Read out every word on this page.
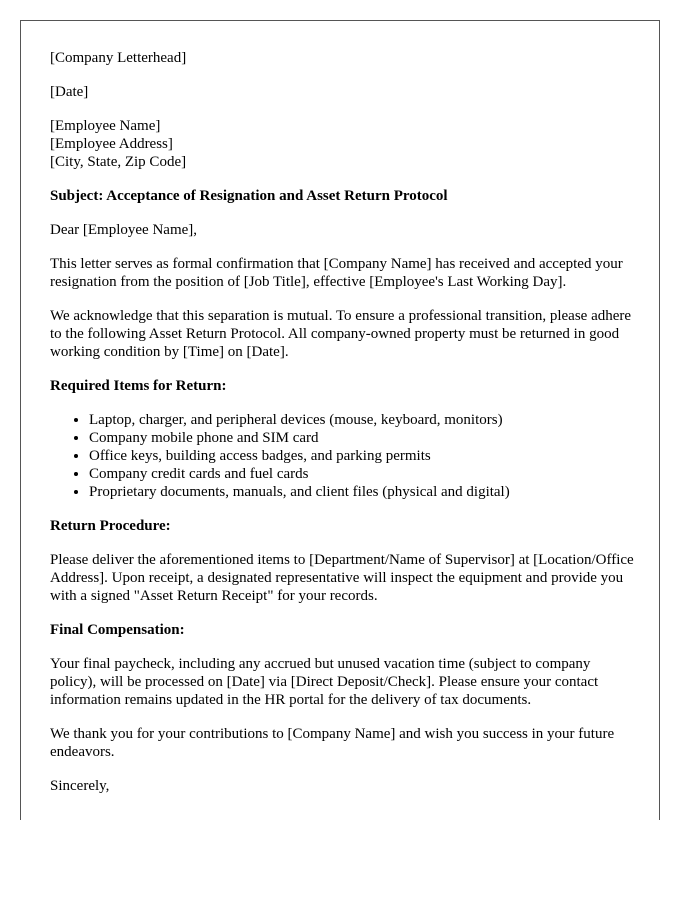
[Company Letterhead]

[Date]

[Employee Name]
[Employee Address]
[City, State, Zip Code]

Subject: Acceptance of Resignation and Asset Return Protocol

Dear [Employee Name],

This letter serves as formal confirmation that [Company Name] has received and accepted your resignation from the position of [Job Title], effective [Employee's Last Working Day].

We acknowledge that this separation is mutual. To ensure a professional transition, please adhere to the following Asset Return Protocol. All company-owned property must be returned in good working condition by [Time] on [Date].

Required Items for Return:

• Laptop, charger, and peripheral devices (mouse, keyboard, monitors)
• Company mobile phone and SIM card
• Office keys, building access badges, and parking permits
• Company credit cards and fuel cards
• Proprietary documents, manuals, and client files (physical and digital)

Return Procedure:

Please deliver the aforementioned items to [Department/Name of Supervisor] at [Location/Office Address]. Upon receipt, a designated representative will inspect the equipment and provide you with a signed "Asset Return Receipt" for your records.

Final Compensation:

Your final paycheck, including any accrued but unused vacation time (subject to company policy), will be processed on [Date] via [Direct Deposit/Check]. Please ensure your contact information remains updated in the HR portal for the delivery of tax documents.

We thank you for your contributions to [Company Name] and wish you success in your future endeavors.

Sincerely,
